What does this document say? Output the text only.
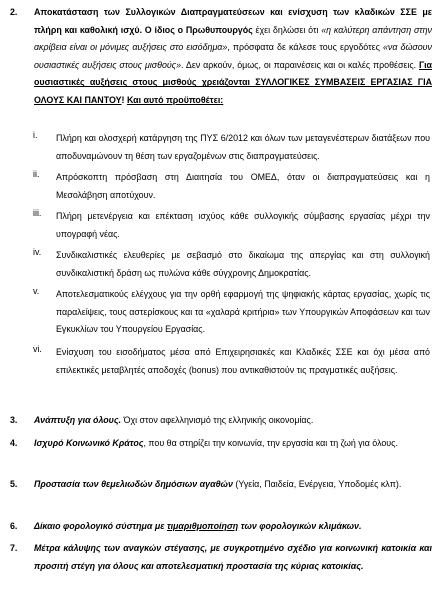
2. Αποκατάσταση των Συλλογικών Διαπραγματεύσεων και ενίσχυση των κλαδικών ΣΣΕ με πλήρη και καθολική ισχύ. Ο ίδιος ο Πρωθυπουργός έχει δηλώσει ότι «η καλύτερη απάντηση στην ακρίβεια είναι οι μόνιμες αυξήσεις στο εισόδημα», πρόσφατα δε κάλεσε τους εργοδότες «να δώσουν ουσιαστικές αυξήσεις στους μισθούς». Δεν αρκούν, όμως, οι παραινέσεις και οι καλές προθέσεις. Για ουσιαστικές αυξήσεις στους μισθούς χρειάζονται ΣΥΛΛΟΓΙΚΕΣ ΣΥΜΒΑΣΕΙΣ ΕΡΓΑΣΙΑΣ ΓΙΑ ΟΛΟΥΣ ΚΑΙ ΠΑΝΤΟΥ! Και αυτό προϋποθέτει:
i.	Πλήρη και ολοσχερή κατάργηση της ΠΥΣ 6/2012 και όλων των μεταγενέστερων διατάξεων που αποδυναμώνουν τη θέση των εργαζομένων στις διαπραγματεύσεις.
ii.	Απρόσκοπτη πρόσβαση στη Διαιτησία του ΟΜΕΔ, όταν οι διαπραγματεύσεις και η Μεσολάβηση αποτύχουν.
iii.	Πλήρη μετενέργεια και επέκταση ισχύος κάθε συλλογικής σύμβασης εργασίας μέχρι την υπογραφή νέας.
iv.	Συνδικαλιστικές ελευθερίες με σεβασμό στο δικαίωμα της απεργίας και στη συλλογική συνδικαλιστική δράση ως πυλώνα κάθε σύγχρονης Δημοκρατίας.
v.	Αποτελεσματικούς ελέγχους για την ορθή εφαρμογή της ψηφιακής κάρτας εργασίας, χωρίς τις παραλείψεις, τους αστερίσκους και τα «χαλαρά κριτήρια» των Υπουργικών Αποφάσεων και των Εγκυκλίων του Υπουργείου Εργασίας.
vi.	Ενίσχυση του εισοδήματος μέσα από Επιχειρησιακές και Κλαδικές ΣΣΕ και όχι μέσα από επιλεκτικές μεταβλητές αποδοχές (bonus) που αντικαθιστούν τις πραγματικές αυξήσεις.
3. Ανάπτυξη για όλους. Όχι στον αφελληνισμό της ελληνικής οικονομίας.
4. Ισχυρό Κοινωνικό Κράτος, που θα στηρίζει την κοινωνία, την εργασία και τη ζωή για όλους.
5. Προστασία των θεμελιωδών δημόσιων αγαθών (Υγεία, Παιδεία, Ενέργεια, Υποδομές κλπ).
6. Δίκαιο φορολογικό σύστημα με τιμαριθμοποίηση των φορολογικών κλιμάκων.
7. Μέτρα κάλυψης των αναγκών στέγασης, με συγκροτημένο σχέδιο για κοινωνική κατοικία και προσιτή στέγη για όλους και αποτελεσματική προστασία της κύριας κατοικίας.
